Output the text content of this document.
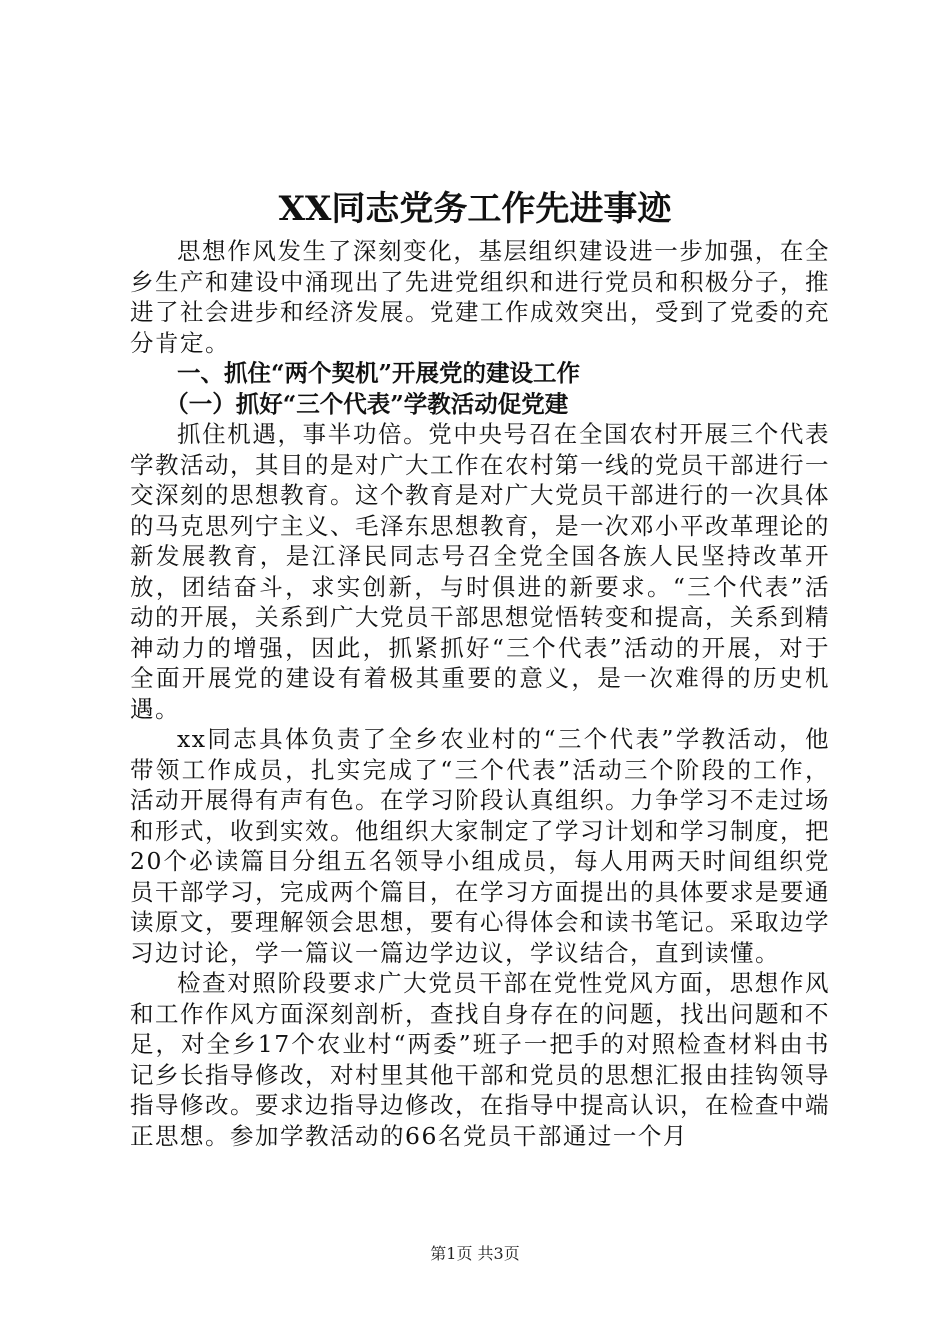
XX同志党务工作先进事迹

思想作风发生了深刻变化，基层组织建设进一步加强，在全乡生产和建设中涌现出了先进党组织和进行党员和积极分子，推进了社会进步和经济发展。党建工作成效突出，受到了党委的充分肯定。

一、抓住“两个契机”开展党的建设工作
（一）抓好“三个代表”学教活动促党建

抓住机遇，事半功倍。党中央号召在全国农村开展三个代表学教活动，其目的是对广大工作在农村第一线的党员干部进行一交深刻的思想教育。这个教育是对广大党员干部进行的一次具体的马克思列宁主义、毛泽东思想教育，是一次邓小平改革理论的新发展教育，是江泽民同志号召全党全国各族人民坚持改革开放，团结奋斗，求实创新，与时俱进的新要求。“三个代表”活动的开展，关系到广大党员干部思想觉悟转变和提高，关系到精神动力的增强，因此，抓紧抓好“三个代表”活动的开展，对于全面开展党的建设有着极其重要的意义，是一次难得的历史机遇。

xx同志具体负责了全乡农业村的“三个代表”学教活动，他带领工作成员，扎实完成了“三个代表”活动三个阶段的工作，活动开展得有声有色。在学习阶段认真组织。力争学习不走过场和形式，收到实效。他组织大家制定了学习计划和学习制度，把20个必读篇目分组五名领导小组成员，每人用两天时间组织党员干部学习，完成两个篇目，在学习方面提出的具体要求是要通读原文，要理解领会思想，要有心得体会和读书笔记。采取边学习边讨论，学一篇议一篇边学边议，学议结合，直到读懂。

检查对照阶段要求广大党员干部在党性党风方面，思想作风和工作作风方面深刻剖析，查找自身存在的问题，找出问题和不足，对全乡17个农业村“两委”班子一把手的对照检查材料由书记乡长指导修改，对村里其他干部和党员的思想汇报由挂钩领导指导修改。要求边指导边修改，在指导中提高认识，在检查中端正思想。参加学教活动的66名党员干部通过一个月

第1页 共3页
